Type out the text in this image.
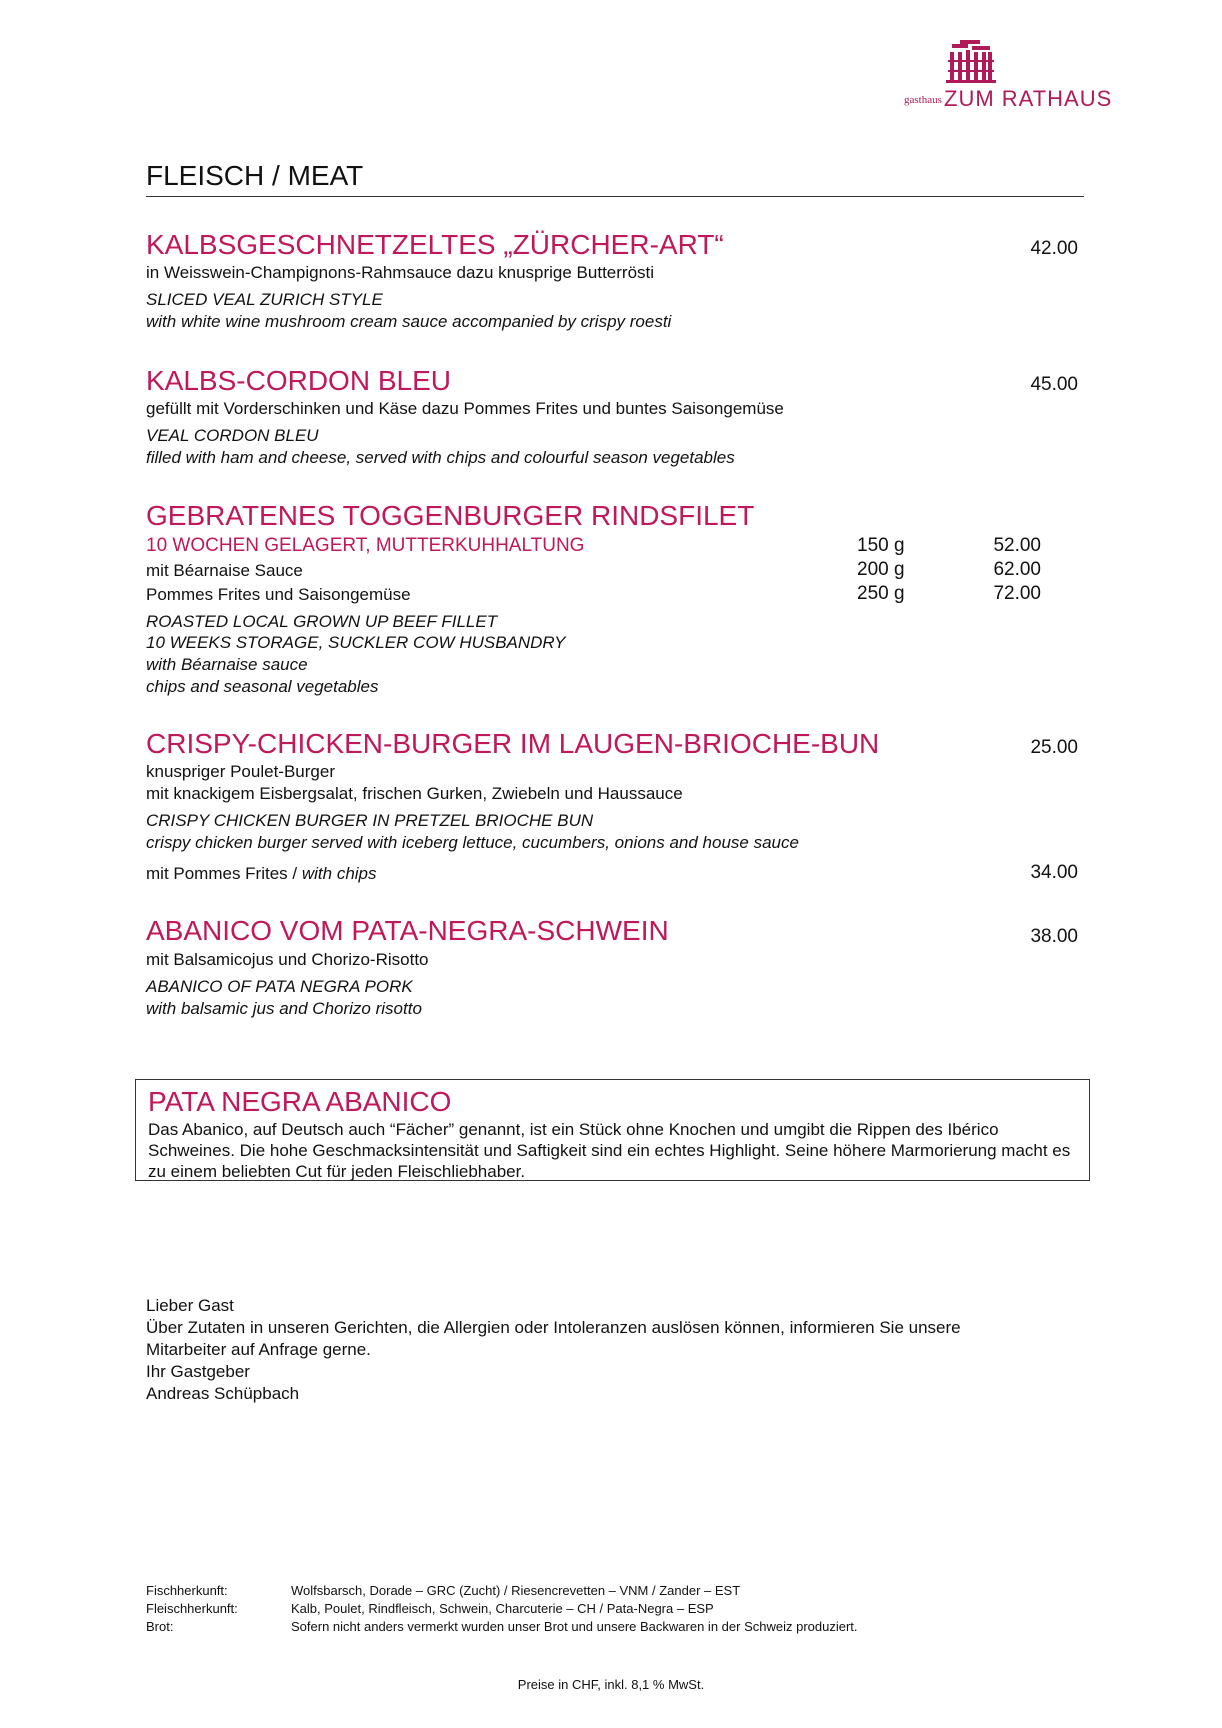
gasthaus ZUM RATHAUS
FLEISCH / MEAT
KALBSGESCHNETZELTES „ZÜRCHER-ART“	42.00
in Weisswein-Champignons-Rahmsauce dazu knusprige Butterrösti
SLICED VEAL ZURICH STYLE
with white wine mushroom cream sauce accompanied by crispy roesti
KALBS-CORDON BLEU	45.00
gefüllt mit Vorderschinken und Käse dazu Pommes Frites und buntes Saisongemüse
VEAL CORDON BLEU
filled with ham and cheese, served with chips and colourful season vegetables
GEBRATENES TOGGENBURGER RINDSFILET
10 WOCHEN GELAGERT, MUTTERKUHHALTUNG
mit Béarnaise Sauce
Pommes Frites und Saisongemüse
150 g	52.00
200 g	62.00
250 g	72.00
ROASTED LOCAL GROWN UP BEEF FILLET
10 WEEKS STORAGE, SUCKLER COW HUSBANDRY
with Béarnaise sauce
chips and seasonal vegetables
CRISPY-CHICKEN-BURGER IM LAUGEN-BRIOCHE-BUN	25.00
knuspriger Poulet-Burger
mit knackigem Eisbergsalat, frischen Gurken, Zwiebeln und Haussauce
CRISPY CHICKEN BURGER IN PRETZEL BRIOCHE BUN
crispy chicken burger served with iceberg lettuce, cucumbers, onions and house sauce
mit Pommes Frites / with chips	34.00
ABANICO VOM PATA-NEGRA-SCHWEIN	38.00
mit Balsamicojus und Chorizo-Risotto
ABANICO OF PATA NEGRA PORK
with balsamic jus and Chorizo risotto
PATA NEGRA ABANICO
Das Abanico, auf Deutsch auch “Fächer” genannt, ist ein Stück ohne Knochen und umgibt die Rippen des Ibérico Schweines. Die hohe Geschmacksintensität und Saftigkeit sind ein echtes Highlight. Seine höhere Marmorierung macht es zu einem beliebten Cut für jeden Fleischliebhaber.
Lieber Gast
Über Zutaten in unseren Gerichten, die Allergien oder Intoleranzen auslösen können, informieren Sie unsere
Mitarbeiter auf Anfrage gerne.
Ihr Gastgeber
Andreas Schüpbach
Fischherkunft:	Wolfsbarsch, Dorade – GRC (Zucht) / Riesencrevetten – VNM / Zander – EST
Fleischherkunft:	Kalb, Poulet, Rindfleisch, Schwein, Charcuterie – CH / Pata-Negra – ESP
Brot:	Sofern nicht anders vermerkt wurden unser Brot und unsere Backwaren in der Schweiz produziert.
Preise in CHF, inkl. 8,1 % MwSt.
